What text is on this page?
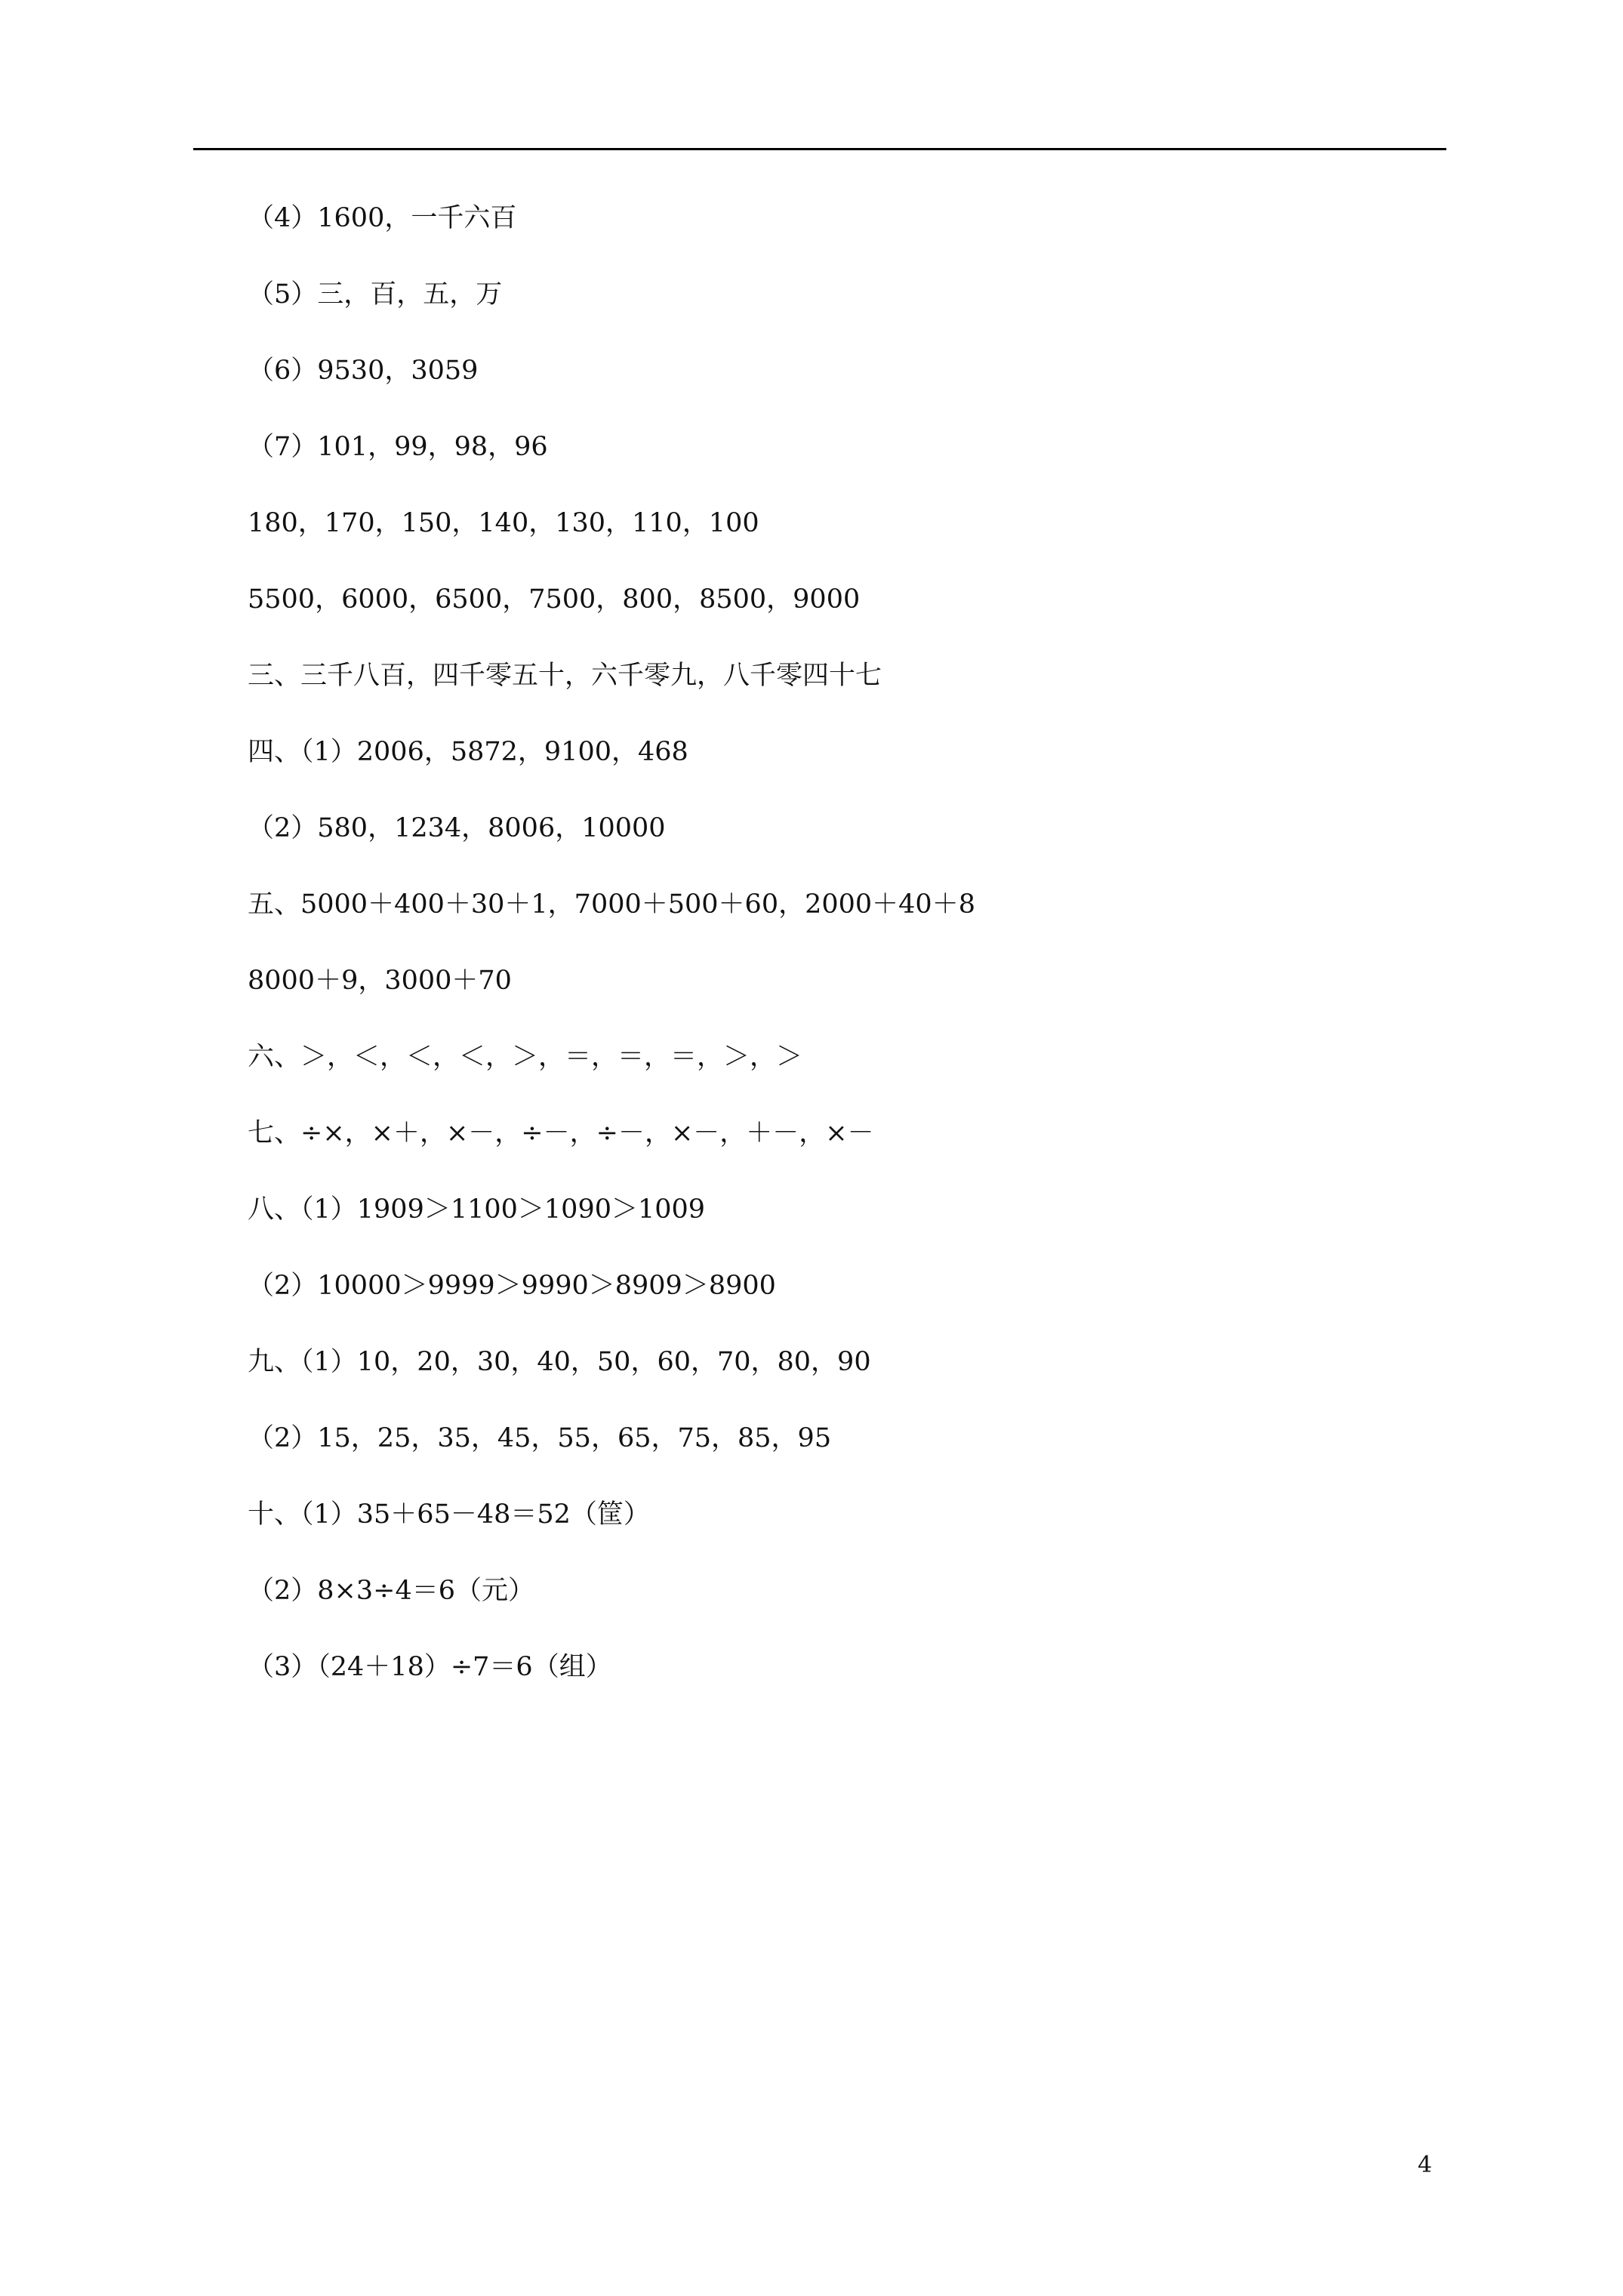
（4）1600，一千六百
（5）三，百，五，万
（6）9530，3059
（7）101，99，98，96
180，170，150，140，130，110，100
5500，6000，6500，7500，800，8500，9000
三、三千八百，四千零五十，六千零九，八千零四十七
四、（1）2006，5872，9100，468
（2）580，1234，8006，10000
五、5000＋400＋30＋1，7000＋500＋60，2000＋40＋8
8000＋9，3000＋70
六、＞，＜，＜，＜，＞，＝，＝，＝，＞，＞
七、÷×，×＋，×－，÷－，÷－，×－，＋－，×－
八、（1）1909＞1100＞1090＞1009
（2）10000＞9999＞9990＞8909＞8900
九、（1）10，20，30，40，50，60，70，80，90
（2）15，25，35，45，55，65，75，85，95
十、（1）35＋65－48＝52（筐）
（2）8×3÷4＝6（元）
（3）（24＋18）÷7＝6（组）
4
